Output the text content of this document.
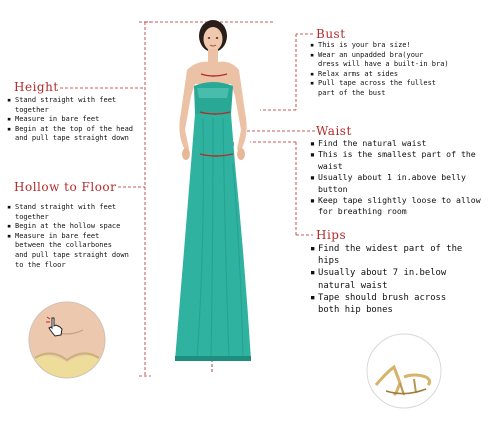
Bust
▪ This is your bra size!
▪ Wear an unpadded bra(your
dress will have a built-in bra)
▪ Relax arms at sides
▪ Pull tape across the fullest
part of the bust
Height
▪ Stand straight with feet
together
▪ Measure in bare feet
▪ Begin at the top of the head
and pull tape straight down
Waist
▪ Find the natural waist
▪ This is the smallest part of the
waist
▪ Usually about 1 in.above belly
button
▪ Keep tape slightly loose to allow
for breathing room
Hollow to Floor
▪ Stand straight with feet
together
▪ Begin at the hollow space
▪ Measure in bare feet
between the collarbones
and pull tape straight down
to the floor
Hips
▪ Find the widest part of the
hips
▪ Usually about 7 in.below
natural waist
▪ Tape should brush across
both hip bones
